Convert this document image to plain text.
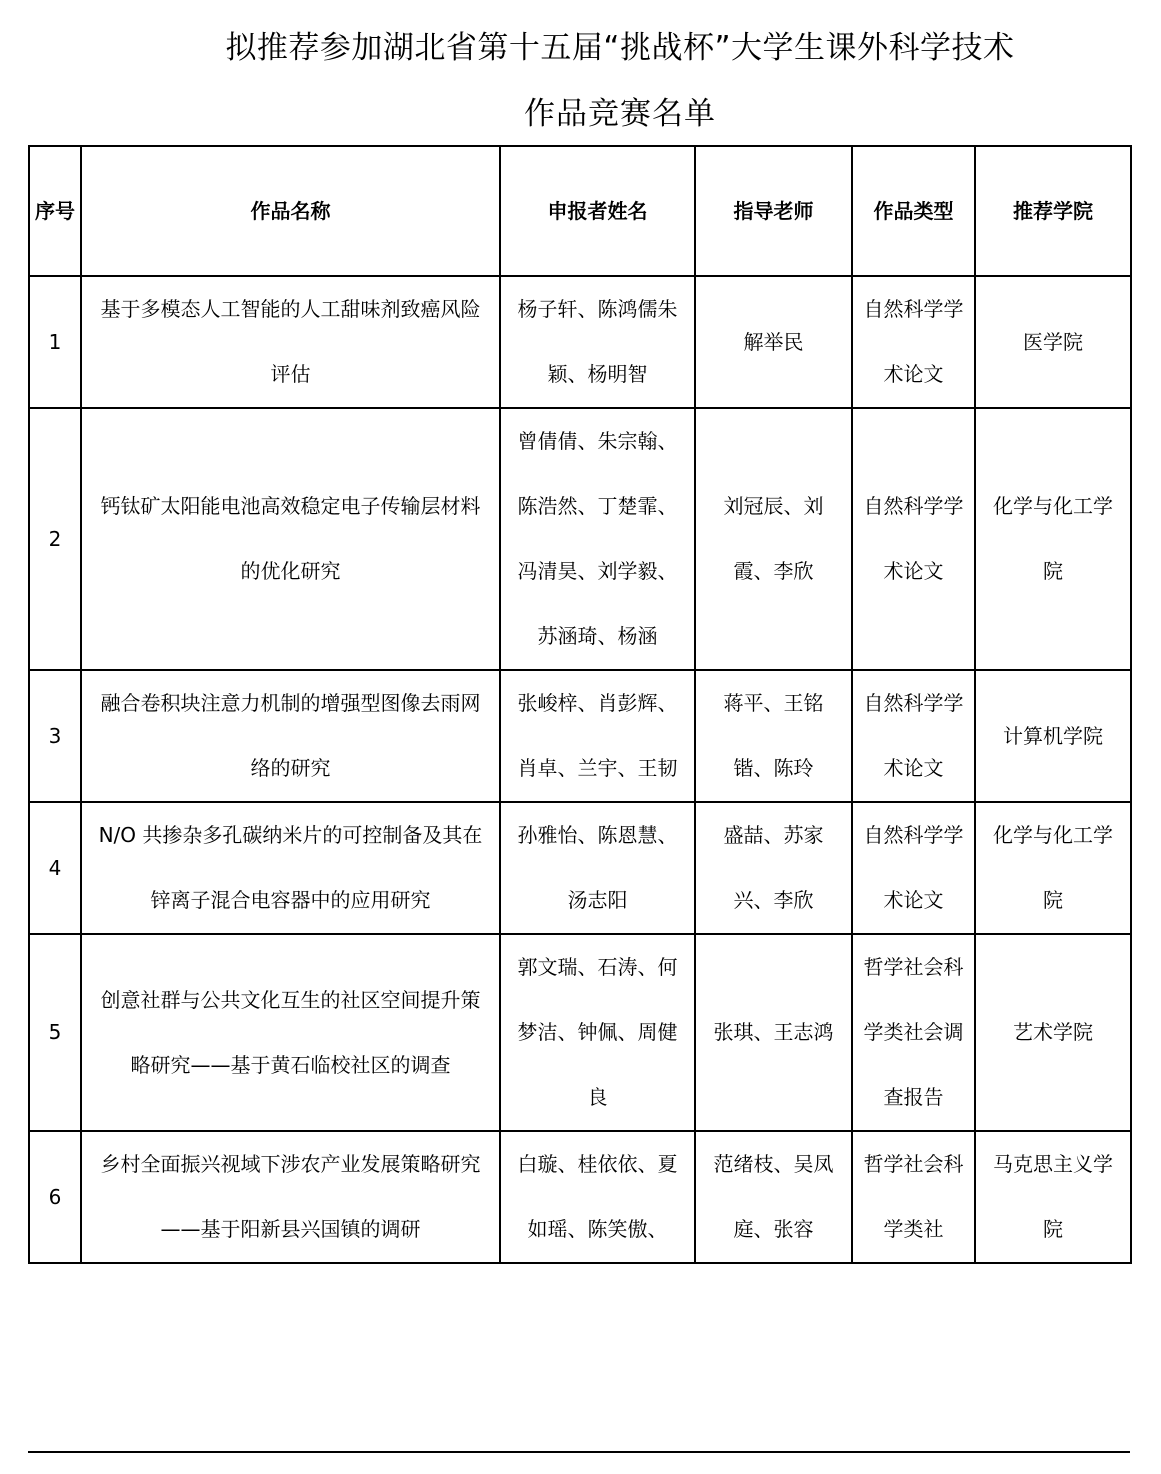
拟推荐参加湖北省第十五届“挑战杯”大学生课外科学技术
作品竞赛名单
序号	作品名称	申报者姓名	指导老师	作品类型	推荐学院
1	基于多模态人工智能的人工甜味剂致癌风险评估	杨子轩、陈鸿儒朱颖、杨明智	解举民	自然科学学术论文	医学院
2	钙钛矿太阳能电池高效稳定电子传输层材料的优化研究	曾倩倩、朱宗翰、陈浩然、丁楚霏、冯清昊、刘学毅、苏涵琦、杨涵	刘冠辰、刘霞、李欣	自然科学学术论文	化学与化工学院
3	融合卷积块注意力机制的增强型图像去雨网络的研究	张峻梓、肖彭辉、肖卓、兰宇、王韧	蒋平、王铭锴、陈玲	自然科学学术论文	计算机学院
4	N/O 共掺杂多孔碳纳米片的可控制备及其在锌离子混合电容器中的应用研究	孙雅怡、陈恩慧、汤志阳	盛喆、苏家兴、李欣	自然科学学术论文	化学与化工学院
5	创意社群与公共文化互生的社区空间提升策略研究——基于黄石临校社区的调查	郭文瑞、石涛、何梦洁、钟佩、周健良	张琪、王志鸿	哲学社会科学类社会调查报告	艺术学院
6	乡村全面振兴视域下涉农产业发展策略研究——基于阳新县兴国镇的调研	白璇、桂依依、夏如瑶、陈笑傲、	范绪枝、吴凤庭、张容	哲学社会科学类社	马克思主义学院
